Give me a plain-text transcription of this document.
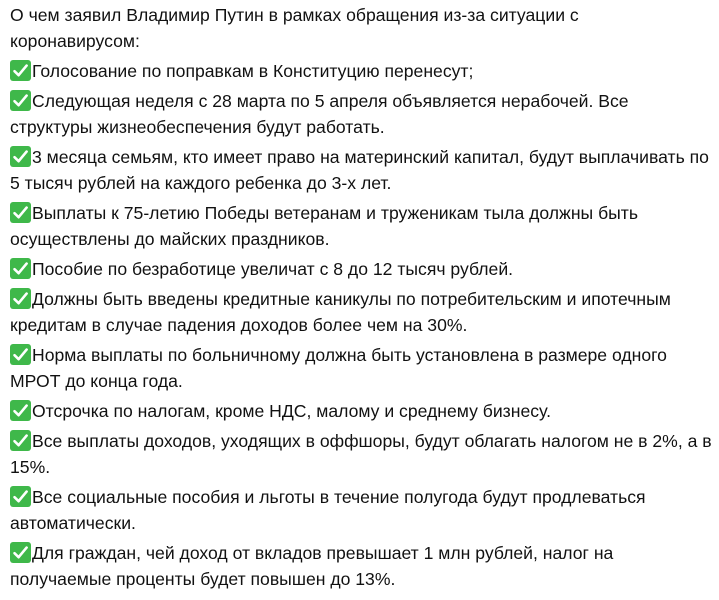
О чем заявил Владимир Путин в рамках обращения из-за ситуации с коронавирусом:
Голосование по поправкам в Конституцию перенесут;
Следующая неделя с 28 марта по 5 апреля объявляется нерабочей. Все структуры жизнеобеспечения будут работать.
3 месяца семьям, кто имеет право на материнский капитал, будут выплачивать по 5 тысяч рублей на каждого ребенка до 3-х лет.
Выплаты к 75-летию Победы ветеранам и труженикам тыла должны быть осуществлены до майских праздников.
Пособие по безработице увеличат с 8 до 12 тысяч рублей.
Должны быть введены кредитные каникулы по потребительским и ипотечным кредитам в случае падения доходов более чем на 30%.
Норма выплаты по больничному должна быть установлена в размере одного МРОТ до конца года.
Отсрочка по налогам, кроме НДС, малому и среднему бизнесу.
Все выплаты доходов, уходящих в оффшоры, будут облагать налогом не в 2%, а в 15%.
Все социальные пособия и льготы в течение полугода будут продлеваться автоматически.
Для граждан, чей доход от вкладов превышает 1 млн рублей, налог на получаемые проценты будет повышен до 13%.
